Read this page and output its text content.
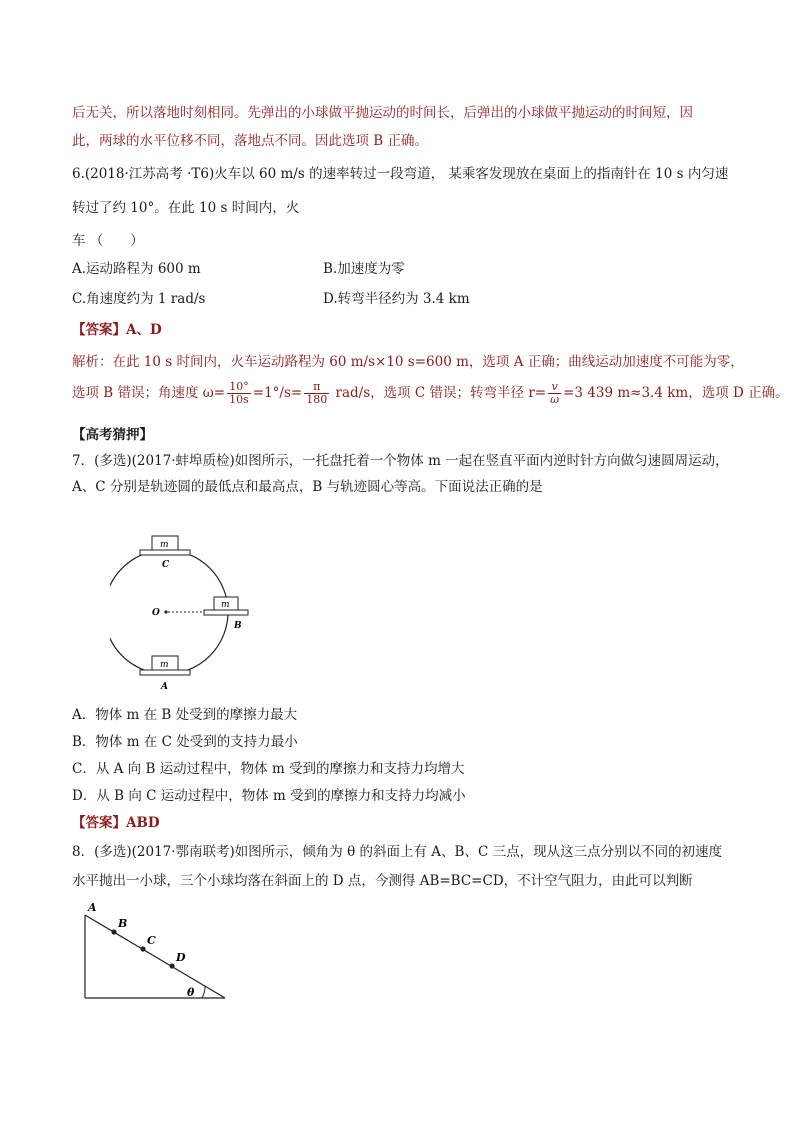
后无关，所以落地时刻相同。先弹出的小球做平抛运动的时间长，后弹出的小球做平抛运动的时间短，因
此，两球的水平位移不同，落地点不同。因此选项 B 正确。
6.(2018·江苏高考 ·T6)火车以 60 m/s 的速率转过一段弯道， 某乘客发现放在桌面上的指南针在 10 s 内匀速
转过了约 10°。在此 10 s 时间内，火
车 （　　）
A.运动路程为 600 m	B.加速度为零
C.角速度约为 1 rad/s	D.转弯半径约为 3.4 km
【答案】A、D
解析：在此 10 s 时间内，火车运动路程为 60 m/s×10 s=600 m，选项 A 正确；曲线运动加速度不可能为零，
选项 B 错误；角速度 $\omega= \frac{10^\circ}{10s} =1^\circ/s= \frac{\pi}{180} rad/s$，选项 C 错误；转弯半径 $r= \frac{v}{\omega} =3$ 439 m≈3.4 km，选项 D 正确。
【高考猜押】
7．(多选)(2017·蚌埠质检)如图所示，一托盘托着一个物体 m 一起在竖直平面内逆时针方向做匀速圆周运动，
A、C 分别是轨迹圆的最低点和最高点，B 与轨迹圆心等高。下面说法正确的是
m
C
O
m
B
m
A
A．物体 m 在 B 处受到的摩擦力最大
B．物体 m 在 C 处受到的支持力最小
C．从 A 向 B 运动过程中，物体 m 受到的摩擦力和支持力均增大
D．从 B 向 C 运动过程中，物体 m 受到的摩擦力和支持力均减小
【答案】ABD
8．(多选)(2017·鄂南联考)如图所示，倾角为 θ 的斜面上有 A、B、C 三点，现从这三点分别以不同的初速度
水平抛出一小球，三个小球均落在斜面上的 D 点，今测得 AB=BC=CD，不计空气阻力，由此可以判断
A
B
C
D
θ
